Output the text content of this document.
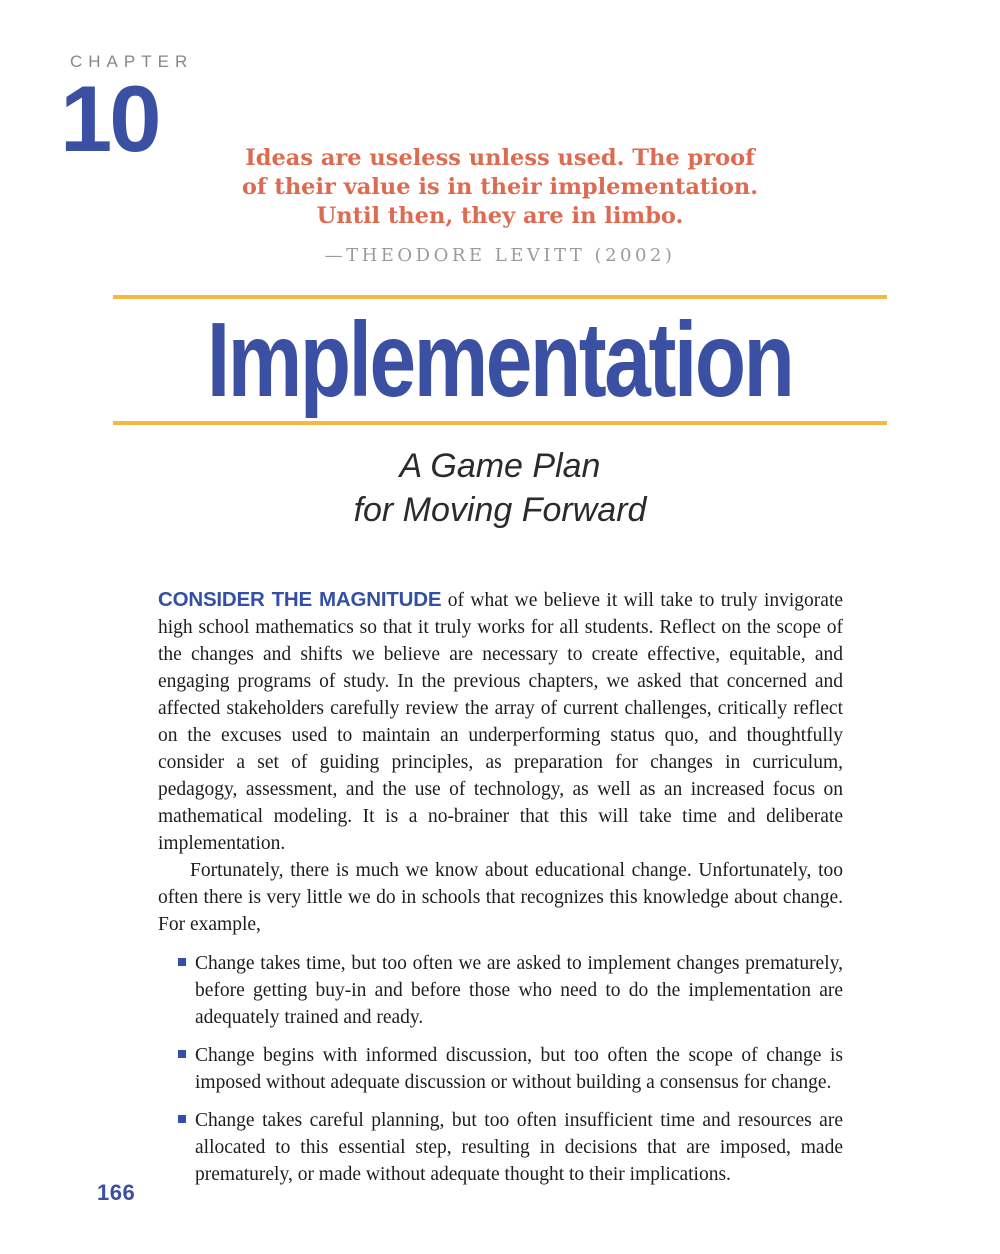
CHAPTER
10	Ideas are useless unless used. The proof
of their value is in their implementation.
Until then, they are in limbo.
—THEODORE LEVITT (2002)
Implementation
A Game Plan
for Moving Forward

CONSIDER THE MAGNITUDE of what we believe it will take to truly invigorate high school mathematics so that it truly works for all students. Reflect on the scope of the changes and shifts we believe are necessary to create effective, equitable, and engaging programs of study. In the previous chapters, we asked that concerned and affected stakeholders carefully review the array of current challenges, critically reflect on the excuses used to maintain an underperforming status quo, and thoughtfully consider a set of guiding principles, as preparation for changes in curriculum, pedagogy, assessment, and the use of technology, as well as an increased focus on mathematical modeling. It is a no-brainer that this will take time and deliberate implementation.

Fortunately, there is much we know about educational change. Unfortunately, too often there is very little we do in schools that recognizes this knowledge about change. For example,

Change takes time, but too often we are asked to implement changes prematurely, before getting buy-in and before those who need to do the implementation are adequately trained and ready.
Change begins with informed discussion, but too often the scope of change is imposed without adequate discussion or without building a consensus for change.
Change takes careful planning, but too often insufficient time and resources are allocated to this essential step, resulting in decisions that are imposed, made prematurely, or made without adequate thought to their implications.
166
